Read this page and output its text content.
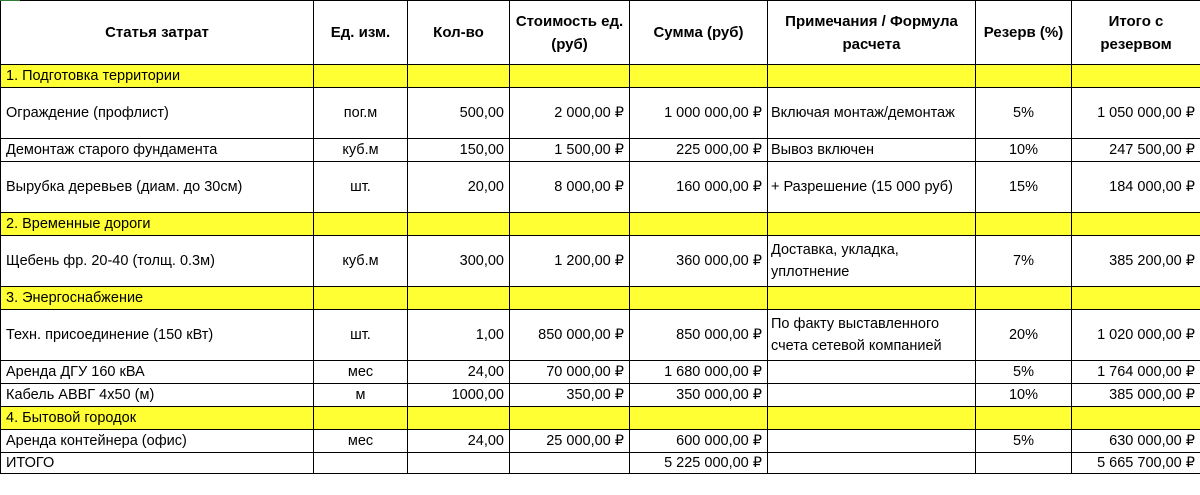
Статья затрат	Ед. изм.	Кол-во	Стоимость ед. (руб)	Сумма (руб)	Примечания / Формула расчета	Резерв (%)	Итого с резервом
1. Подготовка территории							
Ограждение (профлист)	пог.м	500,00	2 000,00 ₽	1 000 000,00 ₽	Включая монтаж/демонтаж	5%	1 050 000,00 ₽
Демонтаж старого фундамента	куб.м	150,00	1 500,00 ₽	225 000,00 ₽	Вывоз включен	10%	247 500,00 ₽
Вырубка деревьев (диам. до 30см)	шт.	20,00	8 000,00 ₽	160 000,00 ₽	+ Разрешение (15 000 руб)	15%	184 000,00 ₽
2. Временные дороги							
Щебень фр. 20-40 (толщ. 0.3м)	куб.м	300,00	1 200,00 ₽	360 000,00 ₽	Доставка, укладка, уплотнение	7%	385 200,00 ₽
3. Энергоснабжение							
Техн. присоединение (150 кВт)	шт.	1,00	850 000,00 ₽	850 000,00 ₽	По факту выставленного счета сетевой компанией	20%	1 020 000,00 ₽
Аренда ДГУ 160 кВА	мес	24,00	70 000,00 ₽	1 680 000,00 ₽		5%	1 764 000,00 ₽
Кабель АВВГ 4х50 (м)	м	1000,00	350,00 ₽	350 000,00 ₽		10%	385 000,00 ₽
4. Бытовой городок							
Аренда контейнера (офис)	мес	24,00	25 000,00 ₽	600 000,00 ₽		5%	630 000,00 ₽
ИТОГО				5 225 000,00 ₽			5 665 700,00 ₽
